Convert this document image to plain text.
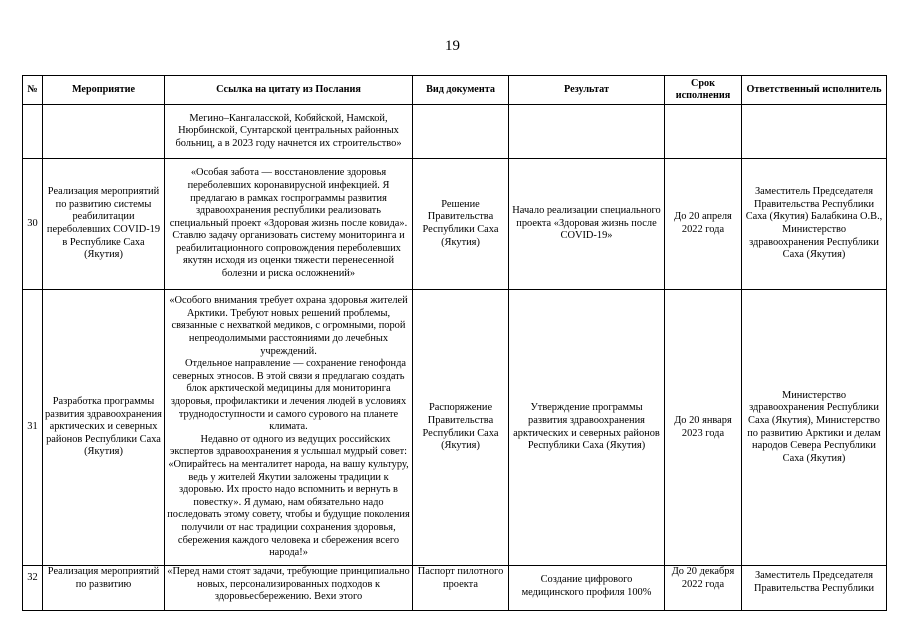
19
№	Мероприятие	Ссылка на цитату из Послания	Вид документа	Результат	Срок исполнения	Ответственный исполнитель
		Мегино–Кангаласской, Кобяйской, Намской, Нюрбинской, Сунтарской центральных районных больниц, а в 2023 году начнется их строительство»				
30	Реализация мероприятий по развитию системы реабилитации переболевших COVID-19 в Республике Саха (Якутия)	«Особая забота — восстановление здоровья переболевших коронавирусной инфекцией. Я предлагаю в рамках госпрограммы развития здравоохранения республики реализовать специальный проект «Здоровая жизнь после ковида». Ставлю задачу организовать систему мониторинга и реабилитационного сопровождения переболевших якутян исходя из оценки тяжести перенесенной болезни и риска осложнений»	Решение Правительства Республики Саха (Якутия)	Начало реализации специального проекта «Здоровая жизнь после COVID-19»	До 20 апреля 2022 года	Заместитель Председателя Правительства Республики Саха (Якутия) Балабкина О.В., Министерство здравоохранения Республики Саха (Якутия)
31	Разработка программы развития здравоохранения арктических и северных районов Республики Саха (Якутия)	«Особого внимания требует охрана здоровья жителей Арктики. Требуют новых решений проблемы, связанные с нехваткой медиков, с огромными, порой непреодолимыми расстояниями до лечебных учреждений.

Отдельное направление — сохранение генофонда северных этносов. В этой связи я предлагаю создать блок арктической медицины для мониторинга здоровья, профилактики и лечения людей в условиях труднодоступности и самого сурового на планете климата.

Недавно от одного из ведущих российских экспертов здравоохранения я услышал мудрый совет: «Опирайтесь на менталитет народа, на вашу культуру, ведь у жителей Якутии заложены традиции к здоровью. Их просто надо вспомнить и вернуть в повестку». Я думаю, нам обязательно надо последовать этому совету, чтобы и будущие поколения получили от нас традиции сохранения здоровья, сбережения каждого человека и сбережения всего народа!»	Распоряжение Правительства Республики Саха (Якутия)	Утверждение программы развития здравоохранения арктических и северных районов Республики Саха (Якутия)	До 20 января 2023 года	Министерство здравоохранения Республики Саха (Якутия), Министерство по развитию Арктики и делам народов Севера Республики Саха (Якутия)
32	Реализация мероприятий по развитию	«Перед нами стоят задачи, требующие принципиально новых, персонализированных подходов к здоровьесбережению. Вехи этого	Паспорт пилотного проекта	Создание цифрового медицинского профиля 100%	До 20 декабря 2022 года	Заместитель Председателя Правительства Республики
